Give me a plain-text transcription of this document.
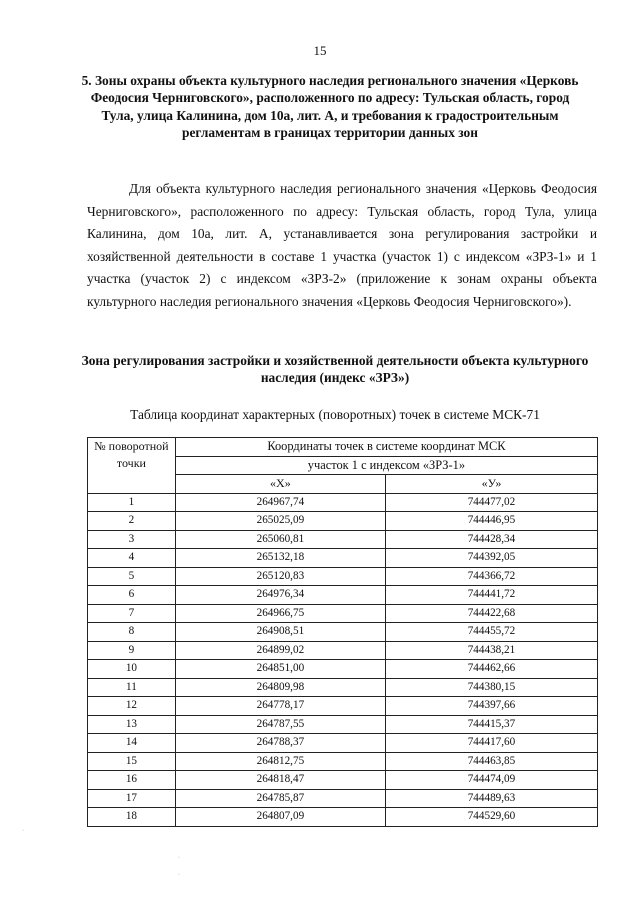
15
5. Зоны охраны объекта культурного наследия регионального значения «Церковь Феодосия Черниговского», расположенного по адресу: Тульская область, город Тула, улица Калинина, дом 10а, лит. А, и требования к градостроительным регламентам в границах территории данных зон

Для объекта культурного наследия регионального значения «Церковь Феодосия Черниговского», расположенного по адресу: Тульская область, город Тула, улица Калинина, дом 10а, лит. А, устанавливается зона регулирования застройки и хозяйственной деятельности в составе 1 участка (участок 1) с индексом «ЗРЗ-1» и 1 участка (участок 2) с индексом «ЗРЗ-2» (приложение к зонам охраны объекта культурного наследия регионального значения «Церковь Феодосия Черниговского»).

Зона регулирования застройки и хозяйственной деятельности объекта культурного наследия (индекс «ЗРЗ»)
Таблица координат характерных (поворотных) точек в системе МСК-71
№ поворотной точки	Координаты точек в системе координат МСК	
	участок 1 с индексом «ЗРЗ-1»	
	«Х»	«У»
1	264967,74	744477,02
2	265025,09	744446,95
3	265060,81	744428,34
4	265132,18	744392,05
5	265120,83	744366,72
6	264976,34	744441,72
7	264966,75	744422,68
8	264908,51	744455,72
9	264899,02	744438,21
10	264851,00	744462,66
11	264809,98	744380,15
12	264778,17	744397,66
13	264787,55	744415,37
14	264788,37	744417,60
15	264812,75	744463,85
16	264818,47	744474,09
17	264785,87	744489,63
18	264807,09	744529,60
·
·
·
